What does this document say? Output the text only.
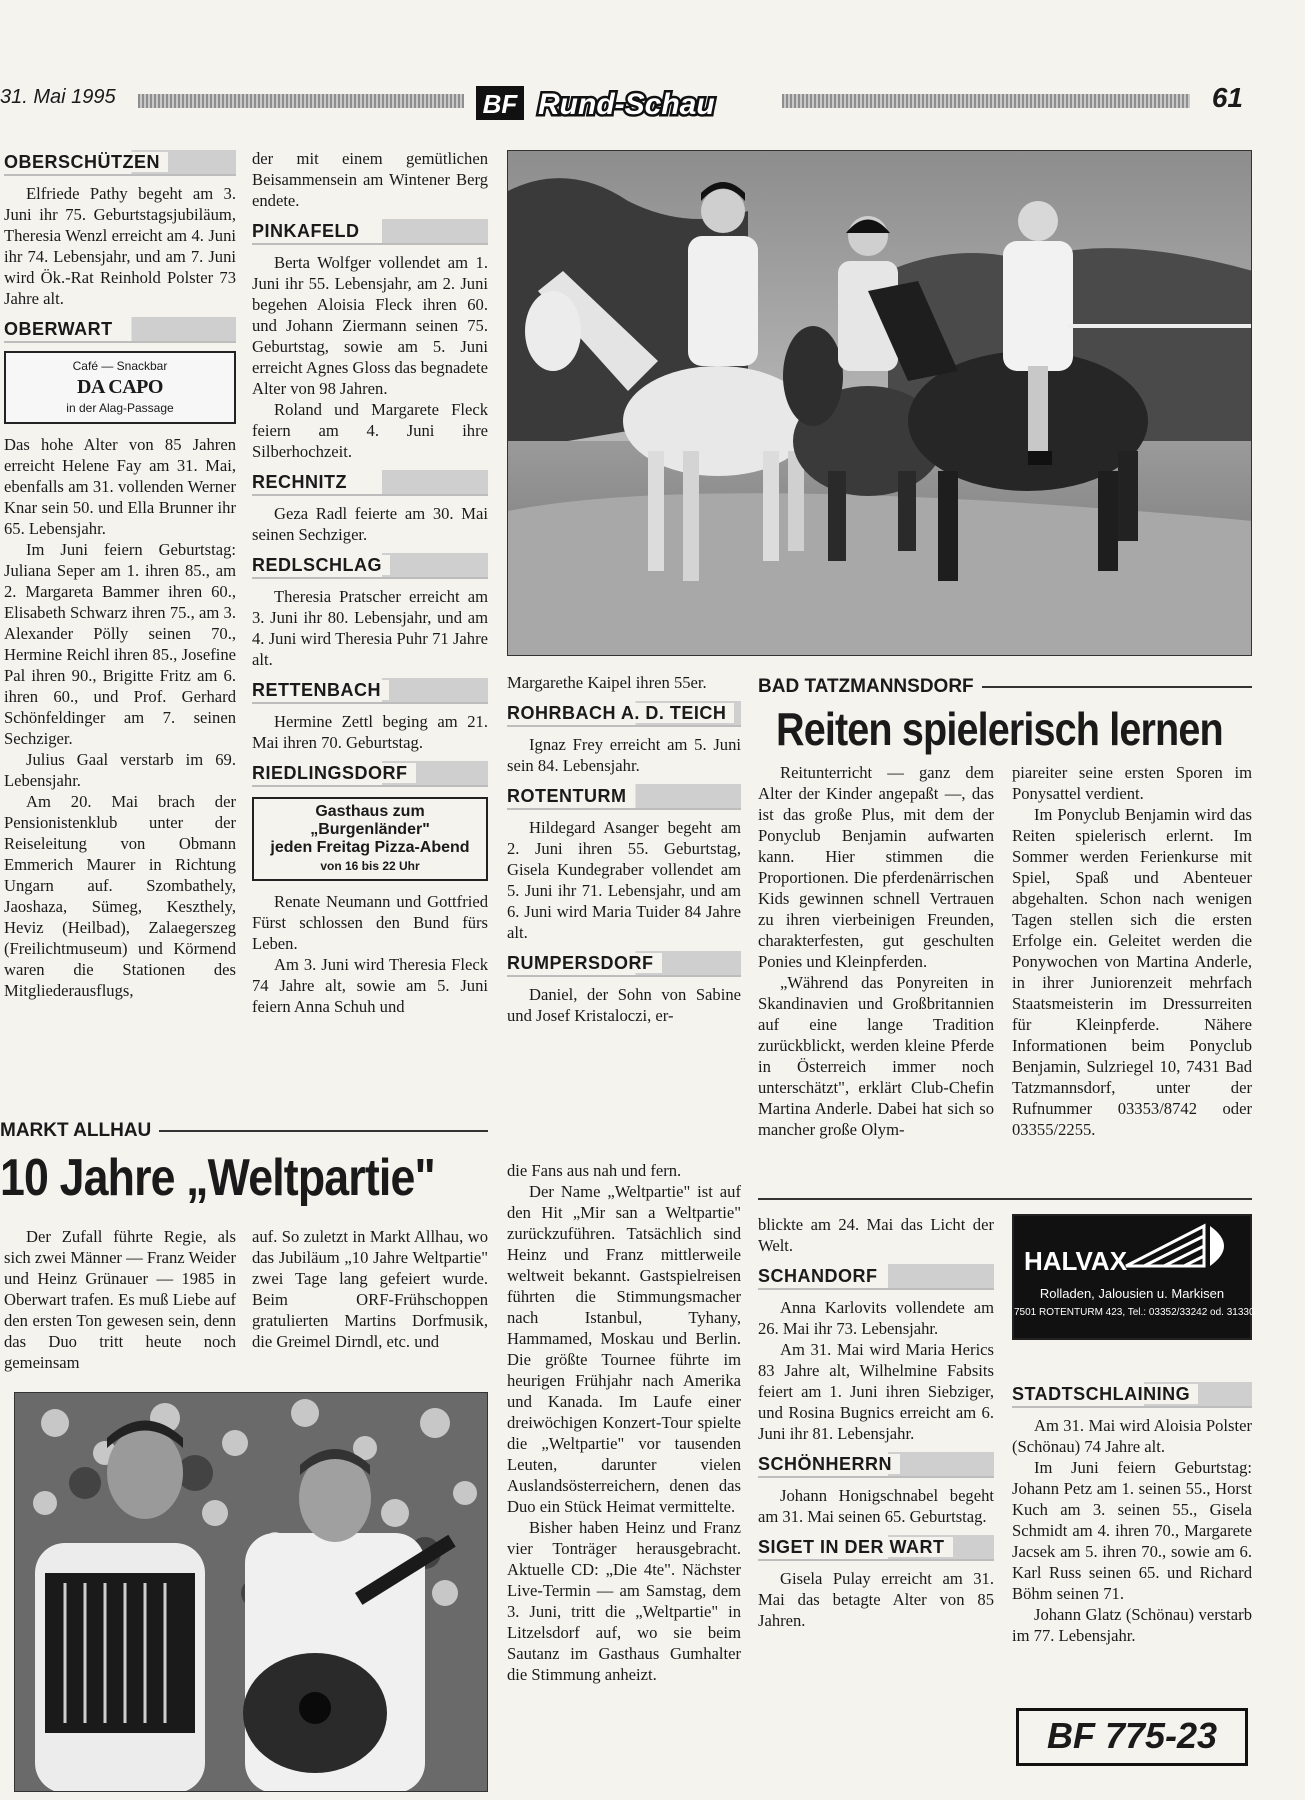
31. Mai 1995	BF Rund-Schau	61
OBERSCHÜTZEN

Elfriede Pathy begeht am 3. Juni ihr 75. Geburtstagsjubiläum, Theresia Wenzl erreicht am 4. Juni ihr 74. Lebensjahr, und am 7. Juni wird Ök.-Rat Reinhold Polster 73 Jahre alt.

OBERWART
Café — Snackbar
DA CAPO
in der Alag-Passage

Das hohe Alter von 85 Jahren erreicht Helene Fay am 31. Mai, ebenfalls am 31. vollenden Werner Knar sein 50. und Ella Brunner ihr 65. Lebensjahr.

Im Juni feiern Geburtstag: Juliana Seper am 1. ihren 85., am 2. Margareta Bammer ihren 60., Elisabeth Schwarz ihren 75., am 3. Alexander Pölly seinen 70., Hermine Reichl ihren 85., Josefine Pal ihren 90., Brigitte Fritz am 6. ihren 60., und Prof. Gerhard Schönfeldinger am 7. seinen Sechziger.

Julius Gaal verstarb im 69. Lebensjahr.

Am 20. Mai brach der Pensionistenklub unter der Reiseleitung von Obmann Emmerich Maurer in Richtung Ungarn auf. Szombathely, Jaoshaza, Sümeg, Keszthely, Heviz (Heilbad), Zalaegerszeg (Freilichtmuseum) und Körmend waren die Stationen des Mitgliederausflugs,

der mit einem gemütlichen Beisammensein am Wintener Berg endete.

PINKAFELD

Berta Wolfger vollendet am 1. Juni ihr 55. Lebensjahr, am 2. Juni begehen Aloisia Fleck ihren 60. und Johann Ziermann seinen 75. Geburtstag, sowie am 5. Juni erreicht Agnes Gloss das begnadete Alter von 98 Jahren.

Roland und Margarete Fleck feiern am 4. Juni ihre Silberhochzeit.

RECHNITZ

Geza Radl feierte am 30. Mai seinen Sechziger.

REDLSCHLAG

Theresia Pratscher erreicht am 3. Juni ihr 80. Lebensjahr, und am 4. Juni wird Theresia Puhr 71 Jahre alt.

RETTENBACH

Hermine Zettl beging am 21. Mai ihren 70. Geburtstag.

RIEDLINGSDORF
Gasthaus zum „Burgenländer"
jeden Freitag Pizza-Abend
von 16 bis 22 Uhr

Renate Neumann und Gottfried Fürst schlossen den Bund fürs Leben.

Am 3. Juni wird Theresia Fleck 74 Jahre alt, sowie am 5. Juni feiern Anna Schuh und

Margarethe Kaipel ihren 55er.

ROHRBACH A. D. TEICH

Ignaz Frey erreicht am 5. Juni sein 84. Lebensjahr.

ROTENTURM

Hildegard Asanger begeht am 2. Juni ihren 55. Geburtstag, Gisela Kundegraber vollendet am 5. Juni ihr 71. Lebensjahr, und am 6. Juni wird Maria Tuider 84 Jahre alt.

RUMPERSDORF

Daniel, der Sohn von Sabine und Josef Kristaloczi, er-

BAD TATZMANNSDORF
Reiten spielerisch lernen

Reitunterricht — ganz dem Alter der Kinder angepaßt —, das ist das große Plus, mit dem der Ponyclub Benjamin aufwarten kann. Hier stimmen die Proportionen. Die pferdenärrischen Kids gewinnen schnell Vertrauen zu ihren vierbeinigen Freunden, charakterfesten, gut geschulten Ponies und Kleinpferden.

„Während das Ponyreiten in Skandinavien und Großbritannien auf eine lange Tradition zurückblickt, werden kleine Pferde in Österreich immer noch unterschätzt", erklärt Club-Chefin Martina Anderle. Dabei hat sich so mancher große Olym-

piareiter seine ersten Sporen im Ponysattel verdient.

Im Ponyclub Benjamin wird das Reiten spielerisch erlernt. Im Sommer werden Ferienkurse mit Spiel, Spaß und Abenteuer abgehalten. Schon nach wenigen Tagen stellen sich die ersten Erfolge ein. Geleitet werden die Ponywochen von Martina Anderle, in ihrer Juniorenzeit mehrfach Staatsmeisterin im Dressurreiten für Kleinpferde. Nähere Informationen beim Ponyclub Benjamin, Sulzriegel 10, 7431 Bad Tatzmannsdorf, unter der Rufnummer 03353/8742 oder 03355/2255.

MARKT ALLHAU
10 Jahre „Weltpartie"

Der Zufall führte Regie, als sich zwei Männer — Franz Weider und Heinz Grünauer — 1985 in Oberwart trafen. Es muß Liebe auf den ersten Ton gewesen sein, denn das Duo tritt heute noch gemeinsam

auf. So zuletzt in Markt Allhau, wo das Jubiläum „10 Jahre Weltpartie" zwei Tage lang gefeiert wurde. Beim ORF-Frühschoppen gratulierten Martins Dorfmusik, die Greimel Dirndl, etc. und

die Fans aus nah und fern.

Der Name „Weltpartie" ist auf den Hit „Mir san a Weltpartie" zurückzuführen. Tatsächlich sind Heinz und Franz mittlerweile weltweit bekannt. Gastspielreisen führten die Stimmungsmacher nach Istanbul, Tyhany, Hammamed, Moskau und Berlin. Die größte Tournee führte im heurigen Frühjahr nach Amerika und Kanada. Im Laufe einer dreiwöchigen Konzert-Tour spielte die „Weltpartie" vor tausenden Leuten, darunter vielen Auslandsösterreichern, denen das Duo ein Stück Heimat vermittelte.

Bisher haben Heinz und Franz vier Tonträger herausgebracht. Aktuelle CD: „Die 4te". Nächster Live-Termin — am Samstag, dem 3. Juni, tritt die „Weltpartie" in Litzelsdorf auf, wo sie beim Sautanz im Gasthaus Gumhalter die Stimmung anheizt.

blickte am 24. Mai das Licht der Welt.

SCHANDORF

Anna Karlovits vollendete am 26. Mai ihr 73. Lebensjahr.

Am 31. Mai wird Maria Herics 83 Jahre alt, Wilhelmine Fabsits feiert am 1. Juni ihren Siebziger, und Rosina Bugnics erreicht am 6. Juni ihr 81. Lebensjahr.

SCHÖNHERRN

Johann Honigschnabel begeht am 31. Mai seinen 65. Geburtstag.

SIGET IN DER WART

Gisela Pulay erreicht am 31. Mai das betagte Alter von 85 Jahren.

HALVAX
Rolladen, Jalousien u. Markisen
7501 ROTENTURM 423, Tel.: 03352/33242 od. 31330
STADTSCHLAINING

Am 31. Mai wird Aloisia Polster (Schönau) 74 Jahre alt.

Im Juni feiern Geburtstag: Johann Petz am 1. seinen 55., Horst Kuch am 3. seinen 55., Gisela Schmidt am 4. ihren 70., Margarete Jacsek am 5. ihren 70., sowie am 6. Karl Russ seinen 65. und Richard Böhm seinen 71.

Johann Glatz (Schönau) verstarb im 77. Lebensjahr.

BF 775-23
